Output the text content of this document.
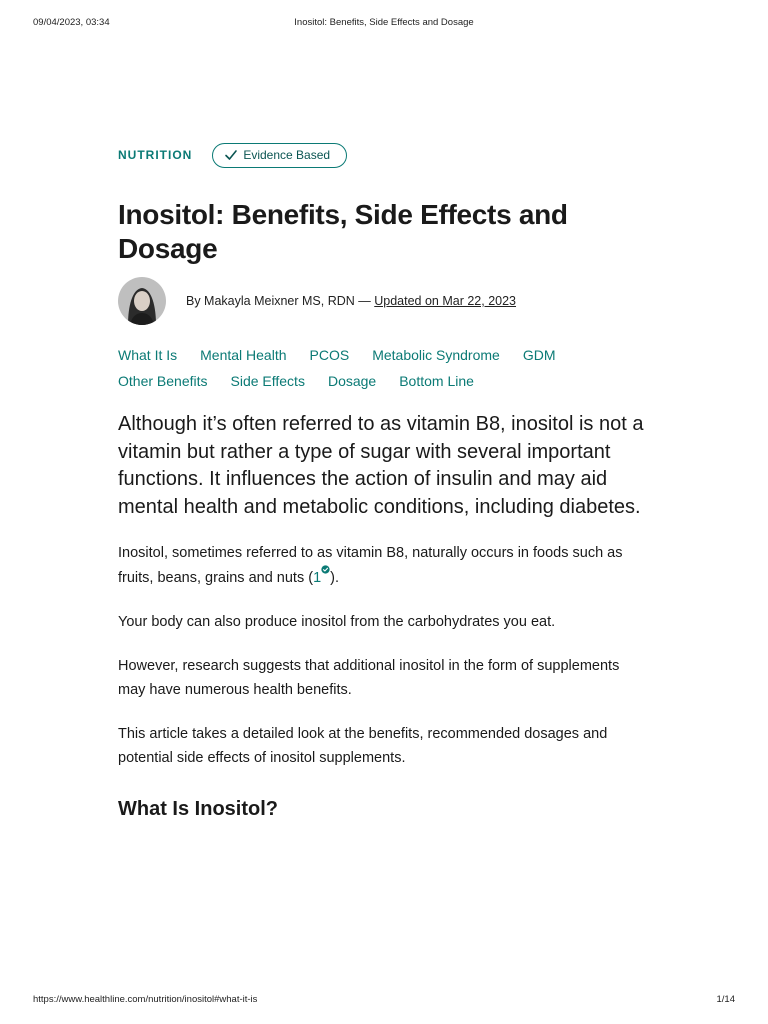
09/04/2023, 03:34	Inositol: Benefits, Side Effects and Dosage
NUTRITION	Evidence Based
Inositol: Benefits, Side Effects and Dosage
By Makayla Meixner MS, RDN — Updated on Mar 22, 2023
What It Is Mental Health PCOS Metabolic Syndrome GDM
Other Benefits Side Effects Dosage Bottom Line

Although it’s often referred to as vitamin B8, inositol is not a vitamin but rather a type of sugar with several important functions. It influences the action of insulin and may aid mental health and metabolic conditions, including diabetes.

Inositol, sometimes referred to as vitamin B8, naturally occurs in foods such as fruits, beans, grains and nuts (1 ).

Your body can also produce inositol from the carbohydrates you eat.

However, research suggests that additional inositol in the form of supplements may have numerous health benefits.

This article takes a detailed look at the benefits, recommended dosages and potential side effects of inositol supplements.

What Is Inositol?
https://www.healthline.com/nutrition/inositol#what-it-is	1/14
